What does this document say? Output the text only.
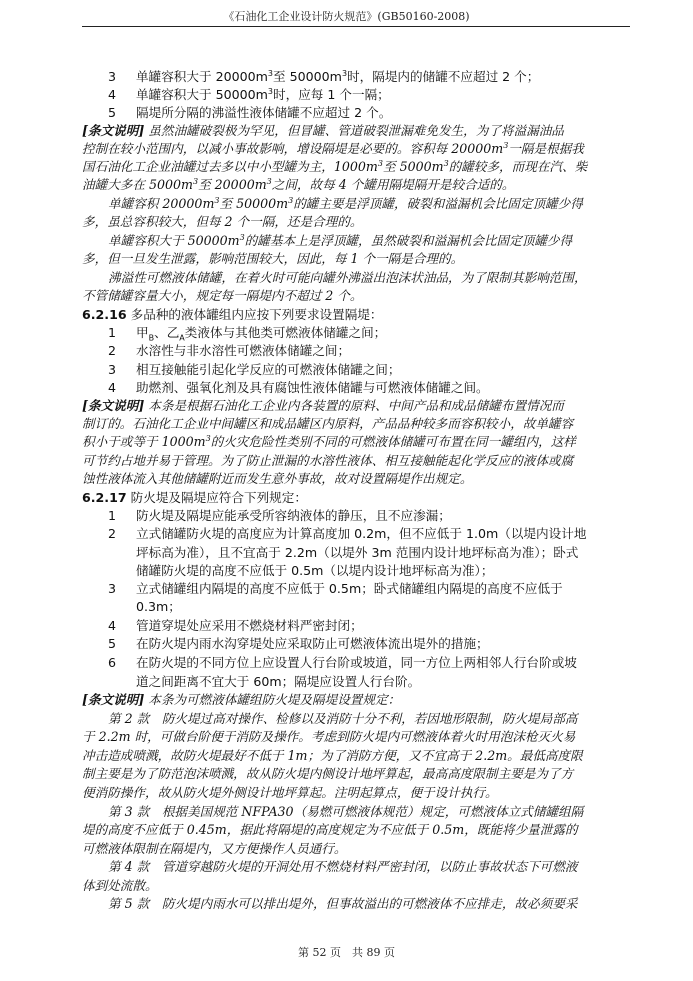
《石油化工企业设计防火规范》(GB50160-2008)
3 单罐容积大于 $20000m^3$至 $50000m^3$时，隔堤内的储罐不应超过 2 个；
4 单罐容积大于 $50000m^3$时，应每 1 个一隔；
5 隔堤所分隔的沸溢性液体储罐不应超过 2 个。
[条文说明] 虽然油罐破裂极为罕见，但冒罐、管道破裂泄漏难免发生，为了将溢漏油品
控制在较小范围内，以减小事故影响，增设隔堤是必要的。容积每 $20000m^3$一隔是根据我
国石油化工企业油罐过去多以中小型罐为主，$1000m^3$至 $5000m^3$的罐较多，而现在汽、柴
油罐大多在 $5000m^3$至 $20000m^3$之间，故每 4 个罐用隔堤隔开是较合适的。
单罐容积 $20000m^3$至 $50000m^3$的罐主要是浮顶罐，破裂和溢漏机会比固定顶罐少得
多，虽总容积较大，但每 2 个一隔，还是合理的。
单罐容积大于 $50000m^3$的罐基本上是浮顶罐，虽然破裂和溢漏机会比固定顶罐少得
多，但一旦发生泄露，影响范围较大，因此，每 1 个一隔是合理的。
沸溢性可燃液体储罐，在着火时可能向罐外沸溢出泡沫状油品，为了限制其影响范围，
不管储罐容量大小，规定每一隔堤内不超过 2 个。
6.2.16 多品种的液体罐组内应按下列要求设置隔堤：
1 甲$_B$、乙$_A$类液体与其他类可燃液体储罐之间；
2 水溶性与非水溶性可燃液体储罐之间；
3 相互接触能引起化学反应的可燃液体储罐之间；
4 助燃剂、强氧化剂及具有腐蚀性液体储罐与可燃液体储罐之间。
[条文说明] 本条是根据石油化工企业内各装置的原料、中间产品和成品储罐布置情况而
制订的。石油化工企业中间罐区和成品罐区内原料，产品品种较多而容积较小，故单罐容
积小于或等于 $1000m^3$的火灾危险性类别不同的可燃液体储罐可布置在同一罐组内，这样
可节约占地并易于管理。为了防止泄漏的水溶性液体、相互接触能起化学反应的液体或腐
蚀性液体流入其他储罐附近而发生意外事故，故对设置隔堤作出规定。
6.2.17 防火堤及隔堤应符合下列规定：
1 防火堤及隔堤应能承受所容纳液体的静压，且不应渗漏；
2 立式储罐防火堤的高度应为计算高度加 0.2m，但不应低于 1.0m（以堤内设计地
坪标高为准），且不宜高于 2.2m（以堤外 3m 范围内设计地坪标高为准）；卧式
储罐防火堤的高度不应低于 0.5m（以堤内设计地坪标高为准）；
3 立式储罐组内隔堤的高度不应低于 0.5m；卧式储罐组内隔堤的高度不应低于
0.3m；
4 管道穿堤处应采用不燃烧材料严密封闭；
5 在防火堤内雨水沟穿堤处应采取防止可燃液体流出堤外的措施；
6 在防火堤的不同方位上应设置人行台阶或坡道，同一方位上两相邻人行台阶或坡
道之间距离不宜大于 60m；隔堤应设置人行台阶。
[条文说明] 本条为可燃液体罐组防火堤及隔堤设置规定：
第 2 款　防火堤过高对操作、检修以及消防十分不利，若因地形限制，防火堤局部高
于 2.2m 时，可做台阶便于消防及操作。考虑到防火堤内可燃液体着火时用泡沫枪灭火易
冲击造成喷溅，故防火堤最好不低于 1m；为了消防方便，又不宜高于 2.2m。最低高度限
制主要是为了防范泡沫喷溅，故从防火堤内侧设计地坪算起，最高高度限制主要是为了方
便消防操作，故从防火堤外侧设计地坪算起。注明起算点，便于设计执行。
第 3 款　根据美国规范 NFPA30（易燃可燃液体规范）规定，可燃液体立式储罐组隔
堤的高度不应低于 0.45m，据此将隔堤的高度规定为不应低于 0.5m，既能将少量泄露的
可燃液体限制在隔堤内，又方便操作人员通行。
第 4 款　管道穿越防火堤的开洞处用不燃烧材料严密封闭，以防止事故状态下可燃液
体到处流散。
第 5 款　防火堤内雨水可以排出堤外，但事故溢出的可燃液体不应排走，故必须要采
第 52 页　共 89 页
